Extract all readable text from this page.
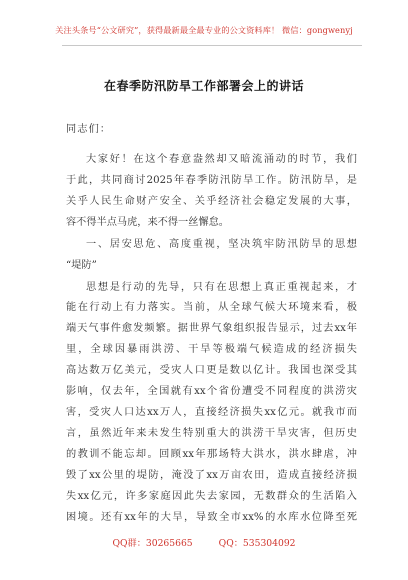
关注头条号“公文研究”，获得最新最全最专业的公文资料库！ 微信：gongwenyj
在春季防汛防旱工作部署会上的讲话
同志们：
大家好！在这个春意盎然却又暗流涌动的时节，我们
于此，共同商讨2025年春季防汛防旱工作。防汛防旱，是
关乎人民生命财产安全、关乎经济社会稳定发展的大事，
容不得半点马虎，来不得一丝懈怠。
一、居安思危、高度重视，坚决筑牢防汛防旱的思想
“堤防”
思想是行动的先导，只有在思想上真正重视起来，才
能在行动上有力落实。当前，从全球气候大环境来看，极
端天气事件愈发频繁。据世界气象组织报告显示，过去xx年
里，全球因暴雨洪涝、干旱等极端气候造成的经济损失
高达数万亿美元，受灾人口更是数以亿计。我国也深受其
影响，仅去年，全国就有xx个省份遭受不同程度的洪涝灾
害，受灾人口达xx万人，直接经济损失xx亿元。就我市而
言，虽然近年来未发生特别重大的洪涝干旱灾害，但历史
的教训不能忘却。回顾xx年那场特大洪水，洪水肆虐，冲
毁了xx公里的堤防，淹没了xx万亩农田，造成直接经济损
失xx亿元，许多家庭因此失去家园，无数群众的生活陷入
困境。还有xx年的大旱，导致全市xx%的水库水位降至死
QQ群：30265665	QQ：535304092
